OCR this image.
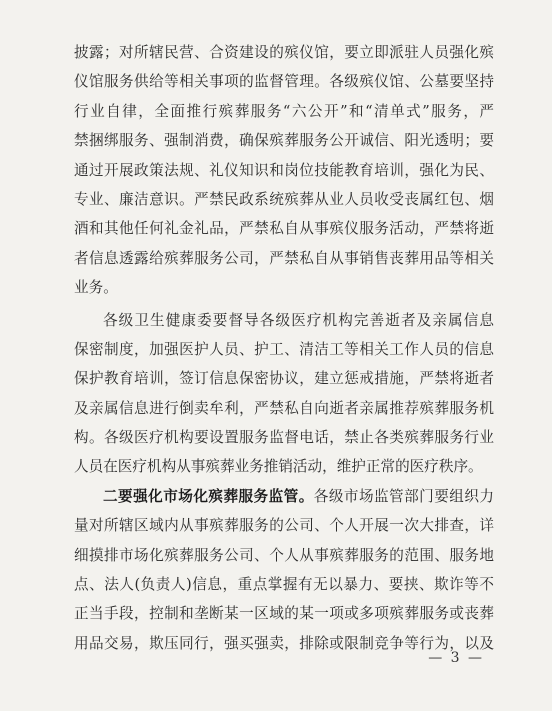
披露；对所辖民营、合资建设的殡仪馆，要立即派驻人员强化殡
仪馆服务供给等相关事项的监督管理。各级殡仪馆、公墓要坚持
行业自律，全面推行殡葬服务“六公开”和“清单式”服务，严
禁捆绑服务、强制消费，确保殡葬服务公开诚信、阳光透明；要
通过开展政策法规、礼仪知识和岗位技能教育培训，强化为民、
专业、廉洁意识。严禁民政系统殡葬从业人员收受丧属红包、烟
酒和其他任何礼金礼品，严禁私自从事殡仪服务活动，严禁将逝
者信息透露给殡葬服务公司，严禁私自从事销售丧葬用品等相关
业务。
各级卫生健康委要督导各级医疗机构完善逝者及亲属信息
保密制度，加强医护人员、护工、清洁工等相关工作人员的信息
保护教育培训，签订信息保密协议，建立惩戒措施，严禁将逝者
及亲属信息进行倒卖牟利，严禁私自向逝者亲属推荐殡葬服务机
构。各级医疗机构要设置服务监督电话，禁止各类殡葬服务行业
人员在医疗机构从事殡葬业务推销活动，维护正常的医疗秩序。
二要强化市场化殡葬服务监管。各级市场监管部门要组织力
量对所辖区域内从事殡葬服务的公司、个人开展一次大排查，详
细摸排市场化殡葬服务公司、个人从事殡葬服务的范围、服务地
点、法人(负责人)信息，重点掌握有无以暴力、要挟、欺诈等不
正当手段，控制和垄断某一区域的某一项或多项殡葬服务或丧葬
用品交易，欺压同行，强买强卖，排除或限制竞争等行为，以及
— 3 —
